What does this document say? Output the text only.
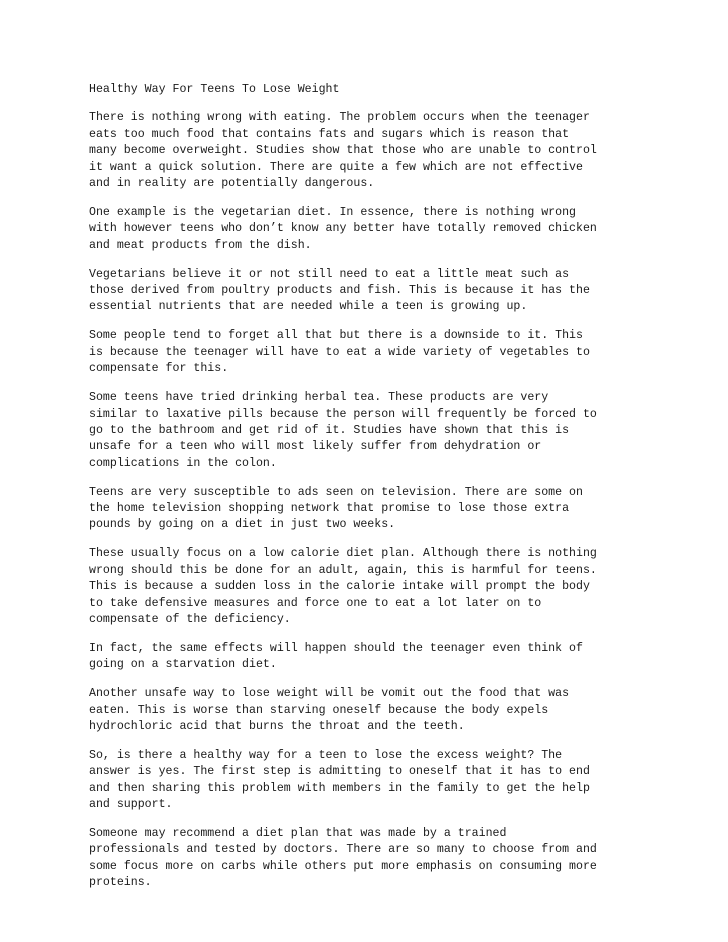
Healthy Way For Teens To Lose Weight
There is nothing wrong with eating. The problem occurs when the teenager
eats too much food that contains fats and sugars which is reason that
many become overweight. Studies show that those who are unable to control
it want a quick solution. There are quite a few which are not effective
and in reality are potentially dangerous.
One example is the vegetarian diet. In essence, there is nothing wrong
with however teens who don’t know any better have totally removed chicken
and meat products from the dish.
Vegetarians believe it or not still need to eat a little meat such as
those derived from poultry products and fish. This is because it has the
essential nutrients that are needed while a teen is growing up.
Some people tend to forget all that but there is a downside to it. This
is because the teenager will have to eat a wide variety of vegetables to
compensate for this.
Some teens have tried drinking herbal tea. These products are very
similar to laxative pills because the person will frequently be forced to
go to the bathroom and get rid of it. Studies have shown that this is
unsafe for a teen who will most likely suffer from dehydration or
complications in the colon.
Teens are very susceptible to ads seen on television. There are some on
the home television shopping network that promise to lose those extra
pounds by going on a diet in just two weeks.
These usually focus on a low calorie diet plan. Although there is nothing
wrong should this be done for an adult, again, this is harmful for teens.
This is because a sudden loss in the calorie intake will prompt the body
to take defensive measures and force one to eat a lot later on to
compensate of the deficiency.
In fact, the same effects will happen should the teenager even think of
going on a starvation diet.
Another unsafe way to lose weight will be vomit out the food that was
eaten. This is worse than starving oneself because the body expels
hydrochloric acid that burns the throat and the teeth.
So, is there a healthy way for a teen to lose the excess weight? The
answer is yes. The first step is admitting to oneself that it has to end
and then sharing this problem with members in the family to get the help
and support.
Someone may recommend a diet plan that was made by a trained
professionals and tested by doctors. There are so many to choose from and
some focus more on carbs while others put more emphasis on consuming more
proteins.
